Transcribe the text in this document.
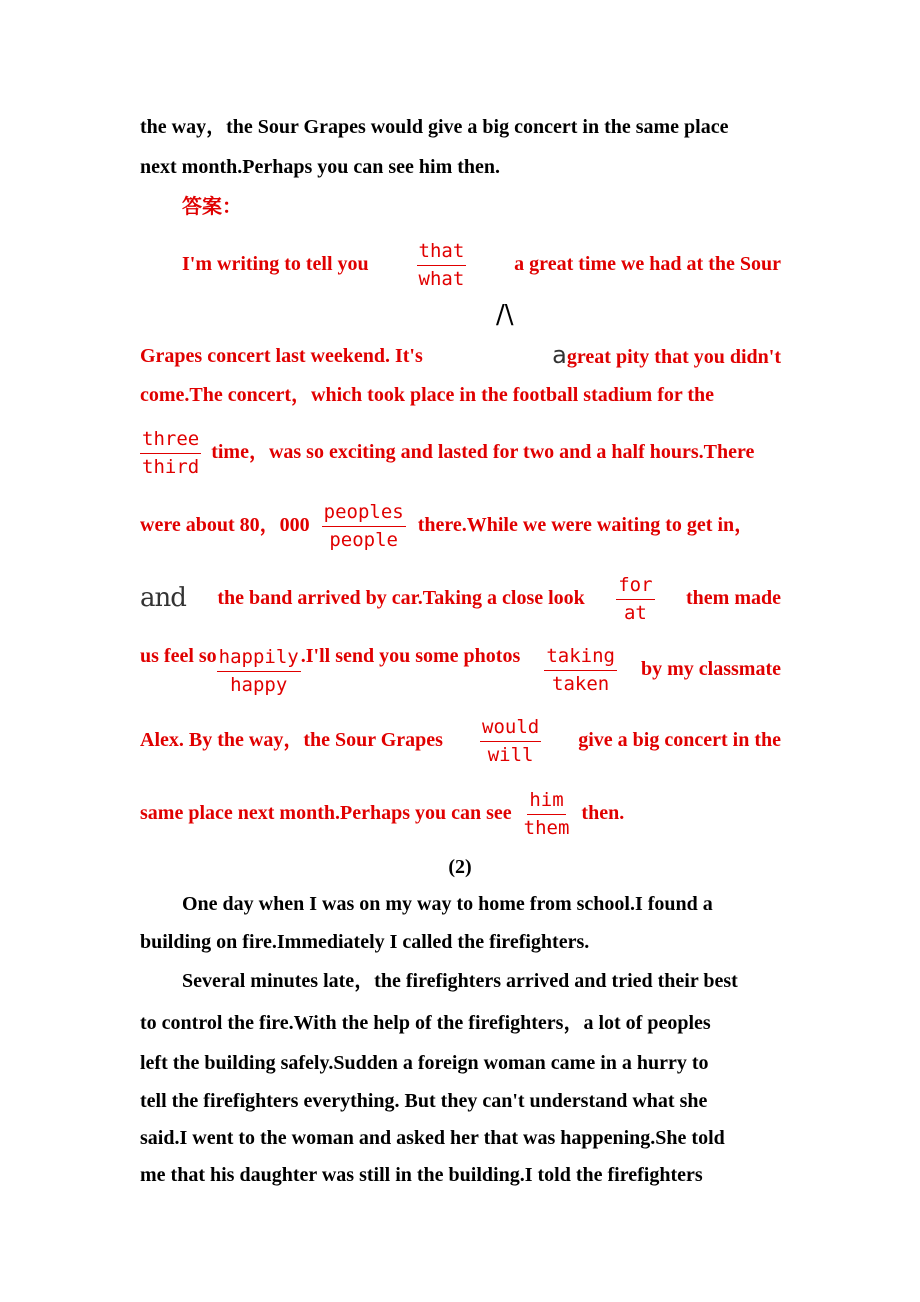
the way，the Sour Grapes would give a big concert in the same place
next month.Perhaps you can see him then.
答案：
I'm writing to tell you	$\frac{\text{that}}{\text{what}}$ a great time we had at the Sour
/\
Grapes concert last weekend. It's	agreat pity that you didn't
come.The concert，which took place in the football stadium for the
$\frac{\text{three}}{\text{third}}$ time，was so exciting and lasted for two and a half hours.There
were about 80，$000 \frac{\text{peoples}}{\text{people}}$ there.While we were waiting to get in，
and the band arrived by car.Taking a close look $\frac{\text{for}}{at}$ them made
us feel so $\frac{\text{happily}}{\text{happy}} .I'll$ send you some photos $\frac{\text{taking}}{\text{taken}}$ by my classmate
Alex. By the way，the Sour Grapes $\frac{\text{would}}{\text{will}}$ give a big concert in the
same place next month.Perhaps you can see $\frac{\text{him}}{\text{them}}$ then.
(2)
One day when I was on my way to home from school.I found a
building on fire.Immediately I called the firefighters.
Several minutes late，the firefighters arrived and tried their best
to control the fire.With the help of the firefighters，a lot of peoples
left the building safely.Sudden a foreign woman came in a hurry to
tell the firefighters everything. But they can't understand what she
said.I went to the woman and asked her that was happening.She told
me that his daughter was still in the building.I told the firefighters
